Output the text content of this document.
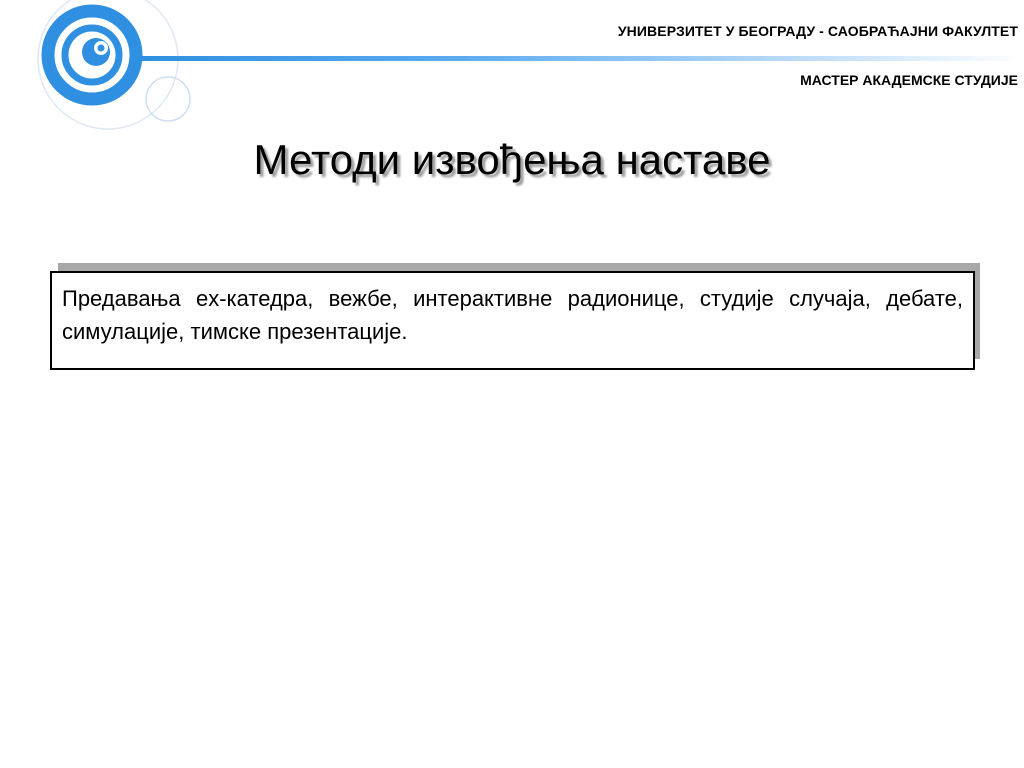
УНИВЕРЗИТЕТ У БЕОГРАДУ - САОБРАЋАЈНИ ФАКУЛТЕТ
МАСТЕР АКАДЕМСКЕ СТУДИЈЕ
Методи извођења наставе
Предавања ex-катедра, вежбе, интерактивне радионице, студије случаја, дебате, симулације, тимске презентације.
